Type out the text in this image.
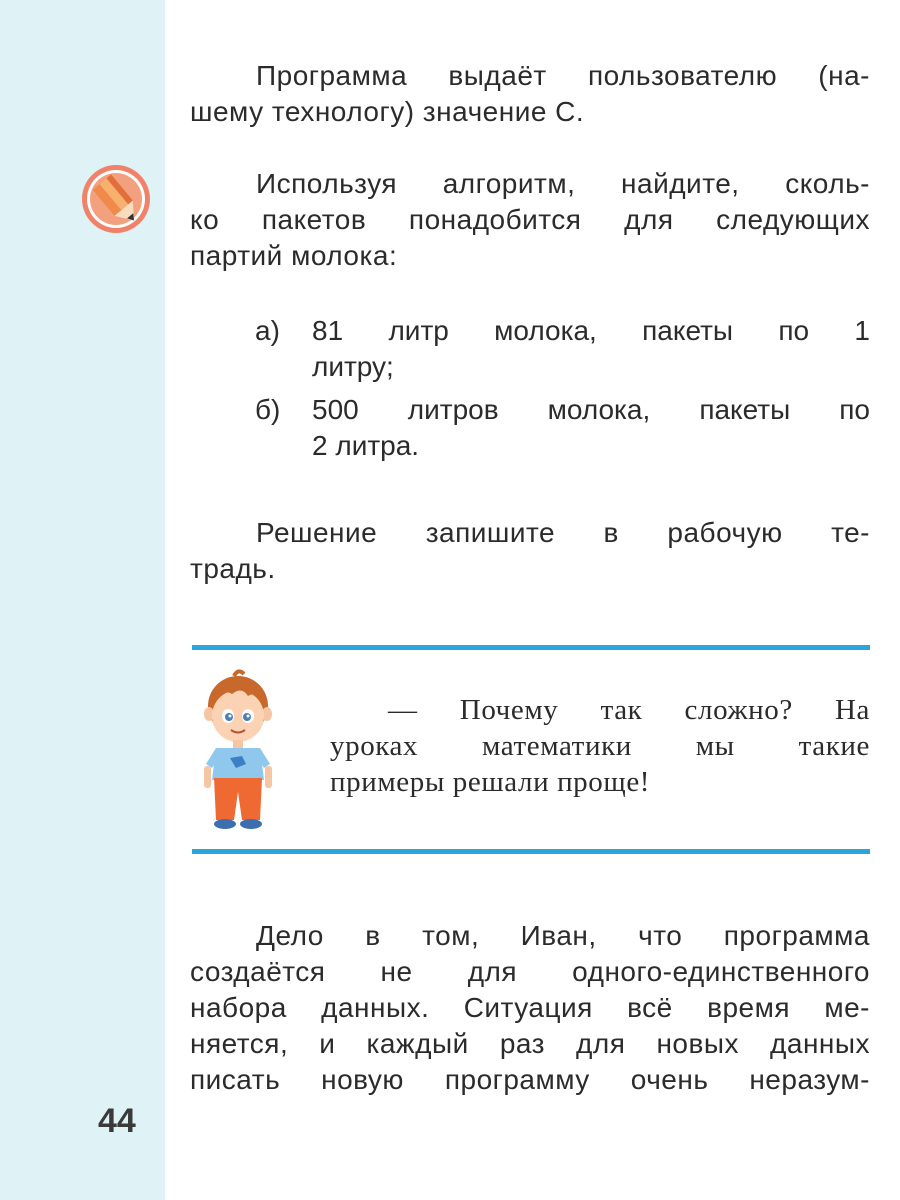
Программа выдаёт пользователю (на-
шему технологу) значение С.
Используя алгоритм, найдите, сколь-
ко пакетов понадобится для следующих
партий молока:
а)	81 литр молока, пакеты по 1
литру;
б)	500 литров молока, пакеты по
2 литра.
Решение запишите в рабочую те-
традь.
— Почему так сложно? На
уроках математики мы такие
примеры решали проще!
Дело в том, Иван, что программа
создаётся не для одного-единственного
набора данных. Ситуация всё время ме-
няется, и каждый раз для новых данных
писать новую программу очень неразум-
44
